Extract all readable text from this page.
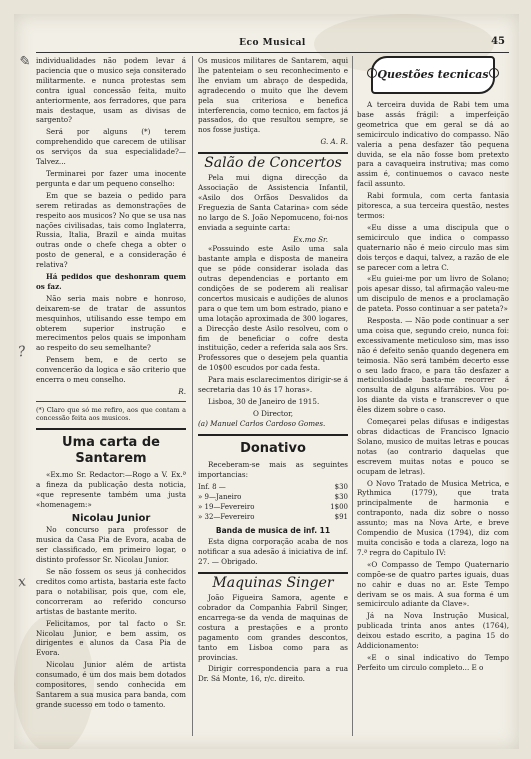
✎
?
x
Eco Musical	45

individualidades não podem levar á paciencia que o musico seja consiterado militarmente. e nunca protestas sem contra igual concessão feita, muito anteriormente, aos ferradores, que para mais destaque, usam as divisas de sargento?

Será por alguns (*) terem comprehendido que carecem de utilisar os serviços da sua especialidade?—Talvez...

Terminarei por fazer uma inocente pergunta e dar um pequeno conselho:

Em que se bazeia o pedido para serem retiradas as demonstrações de respeito aos musicos? No que se usa nas nações civilisadas, tais como Inglaterra, Russia, Italia, Brazil e ainda muitas outras onde o chefe chega a obter o posto de general, e a consideração é relativa?

Há pedidos que deshonram quem os faz.

Não seria mais nobre e honroso, deixarem-se de tratar de assuntos mesquinhos, utilisando esse tempo em obterem superior instrução e merecimentos pelos quais se imponham ao respeito do seu semelhante?

Pensem bem, e de certo se convencerão da logica e são criterio que encerra o meu conselho.

R.

(*) Claro que só me refiro, aos que contam a concessão feita aos musicos.

Uma carta de Santarem

«Ex.mo Sr. Redactor:—Rogo a V. Ex.ª a fineza da publicação desta noticia, «que represente também uma justa «homenagem:»

Nicolau Junior

No concurso para professor de musica da Casa Pia de Evora, acaba de ser classificado, em primeiro logar, o distinto professor Sr. Nicolau Junior.

Se não fossem os seus já conhecidos creditos como artista, bastaria este facto para o notabilisar, pois que, com ele, concorreram ao referido concurso artistas de bastante merito.

Felicitamos, por tal facto o Sr. Nicolau Junior, e bem assim, os dirigentes e alunos da Casa Pia de Evora.

Nicolau Junior além de artista consumado, é um dos mais bem dotados compositores, sendo conhecida em Santarem a sua musica para banda, com grande sucesso em todo o tamento.

Os musicos militares de Santarem, aqui lhe patenteiam o seu reconhecimento e lhe enviam um abraço de despedida, agradecendo o muito que lhe devem pela sua criteriosa e benefica interferencia, como tecnico, em factos já passados, do que resultou sempre, se nos fosse justiça.

G. A. R.
Salão de Concertos

Pela mui digna direcção da Associação de Assistencia Infantil, «Asilo dos Orfãos Desvalidos da Freguezia de Santa Catarina» com séde no largo de S. João Nepomuceno, foi-nos enviada a seguinte carta:

Ex.mo Sr.

«Possuindo este Asilo uma sala bastante ampla e disposta de maneira que se póde considerar isolada das outras dependencias e portanto em condições de se poderem ali realisar concertos musicais e audições de alunos para o que tem um bom estrado, piano e uma lotação aproximada de 300 logares, a Direcção deste Asilo resolveu, com o fim de beneficiar o cofre desta instituição, ceder a referida sala aos Srs. Professores que o desejem pela quantia de 10$00 escudos por cada festa.

Para mais esclarecimentos dirigir-se á secretaria das 10 ás 17 horas».

Lisboa, 30 de Janeiro de 1915.

O Director,
(a) Manuel Carlos Cardoso Gomes.
Donativo

Receberam-se mais as seguintes importancias:

Inf. 8 —	$30
» 9—Janeiro	$30
» 19—Fevereiro	1$00
» 32—Fevereiro	$91
Banda de musica de inf. 11

Esta digna corporação acaba de nos notificar a sua adesão á iniciativa de inf. 27. — Obrigado.

Maquinas Singer

João Figueira Samora, agente e cobrador da Companhia Fabril Singer, encarrega-se da venda de maquinas de costura a prestações e a pronto pagamento com grandes descontos, tanto em Lisboa como para as provincias.

Dirigir correspondencia para a rua Dr. Sá Monte, 16, r/c. direito.

Questões tecnicas

A terceira duvida de Rabi tem uma base assás frágil: a imperfeição geometrica que em geral se dá ao semicirculo indicativo do compasso. Não valeria a pena desfazer tão pequena duvida, se ela não fosse bom pretexto para a cavaqueira instrutiva; mas como assim é, continuemos o cavaco neste facil assunto.

Rabi formula, com certa fantasia pitoresca, a sua terceira questão, nestes termos:

«Eu disse a uma discipula que o semicirculo que indica o compasso quaternario não é meio circulo mas sim dois terços e daqui, talvez, a razão de ele se parecer com a letra C.

«Eu guiei-me por um livro de Solano; pois apesar disso, tal afirmação valeu-me um discipulo de menos e a proclamação de pateta. Posso continuar a ser pateta?»

Resposta. — Não pode continuar a ser uma coisa que, segundo creio, nunca foi: excessivamente meticuloso sim, mas isso não é defeito senão quando degenera em teimosia. Não será também decerto esse o seu lado fraco, e para tão desfazer a meticulosidade basta-me recorrer á consulta de alguns alfarrábios. Vou po-los diante da vista e transcrever o que êles dizem sobre o caso.

Começarei pelas difusas e indigestas obras didacticas de Francisco Ignacio Solano, musico de muitas letras e poucas notas (ao contrario daquelas que escrevem muitas notas e pouco se ocupam de letras).

O Novo Tratado de Musica Metrica, e Rythmica (1779), que trata principalmente de harmonia e contraponto, nada diz sobre o nosso assunto; mas na Nova Arte, e breve Compendio de Musica (1794), diz com muita concisão e toda a clareza, logo na 7.ª regra do Capitulo IV:

«O Compasso de Tempo Quaternario compõe-se de quatro partes iguais, duas no cahir e duas no ar. Este Tempo derivam se os mais. A sua forma é um semicirculo adiante da Clave».

Já na Nova Instrução Musical, publicada trinta anos antes (1764), deixou estado escrito, a pagina 15 do Addicionamento:

«E o sinal indicativo do Tempo Perfeito um circulo completo... E o
